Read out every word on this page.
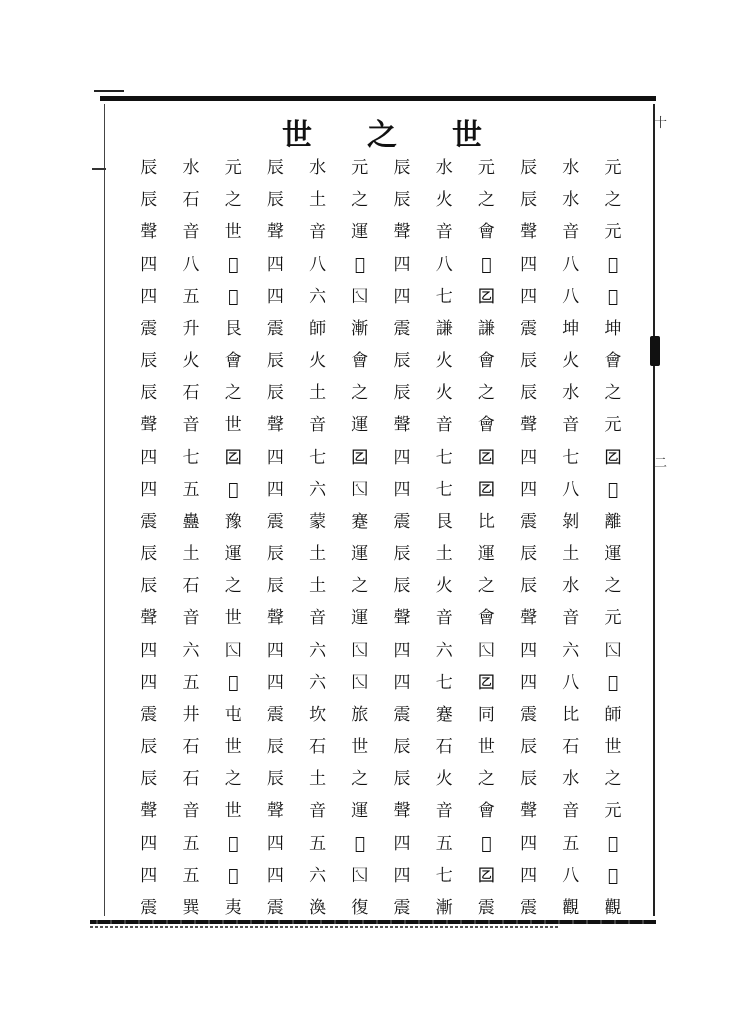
十
二
世 之 世
元
之
元
𡆟
𡆟
坤
會
之
元
𡆠
𡆟
離
運
之
元
𡆡
𡆟
師
世
之
元
𡆢
𡆟
觀
水
水
音
八
八
坤
火
水
音
七
八
剝
土
水
音
六
八
比
石
水
音
五
八
觀
辰
辰
聲
四
四
震
辰
辰
聲
四
四
震
辰
辰
聲
四
四
震
辰
辰
聲
四
四
震
元
之
會
𡆟
𡆠
謙
會
之
會
𡆠
𡆠
比
運
之
會
𡆡
𡆠
同
世
之
會
𡆢
𡆠
震
水
火
音
八
七
謙
火
火
音
七
七
艮
土
火
音
六
七
蹇
石
火
音
五
七
漸
辰
辰
聲
四
四
震
辰
辰
聲
四
四
震
辰
辰
聲
四
四
震
辰
辰
聲
四
四
震
元
之
運
𡆟
𡆡
漸
會
之
運
𡆠
𡆡
蹇
運
之
運
𡆡
𡆡
旅
世
之
運
𡆢
𡆡
復
水
土
音
八
六
師
火
土
音
七
六
蒙
土
土
音
六
六
坎
石
土
音
五
六
渙
辰
辰
聲
四
四
震
辰
辰
聲
四
四
震
辰
辰
聲
四
四
震
辰
辰
聲
四
四
震
元
之
世
𡆟
𡆢
艮
會
之
世
𡆠
𡆢
豫
運
之
世
𡆡
𡆢
屯
世
之
世
𡆢
𡆢
夷
水
石
音
八
五
升
火
石
音
七
五
蠱
土
石
音
六
五
井
石
石
音
五
五
巽
辰
辰
聲
四
四
震
辰
辰
聲
四
四
震
辰
辰
聲
四
四
震
辰
辰
聲
四
四
震
